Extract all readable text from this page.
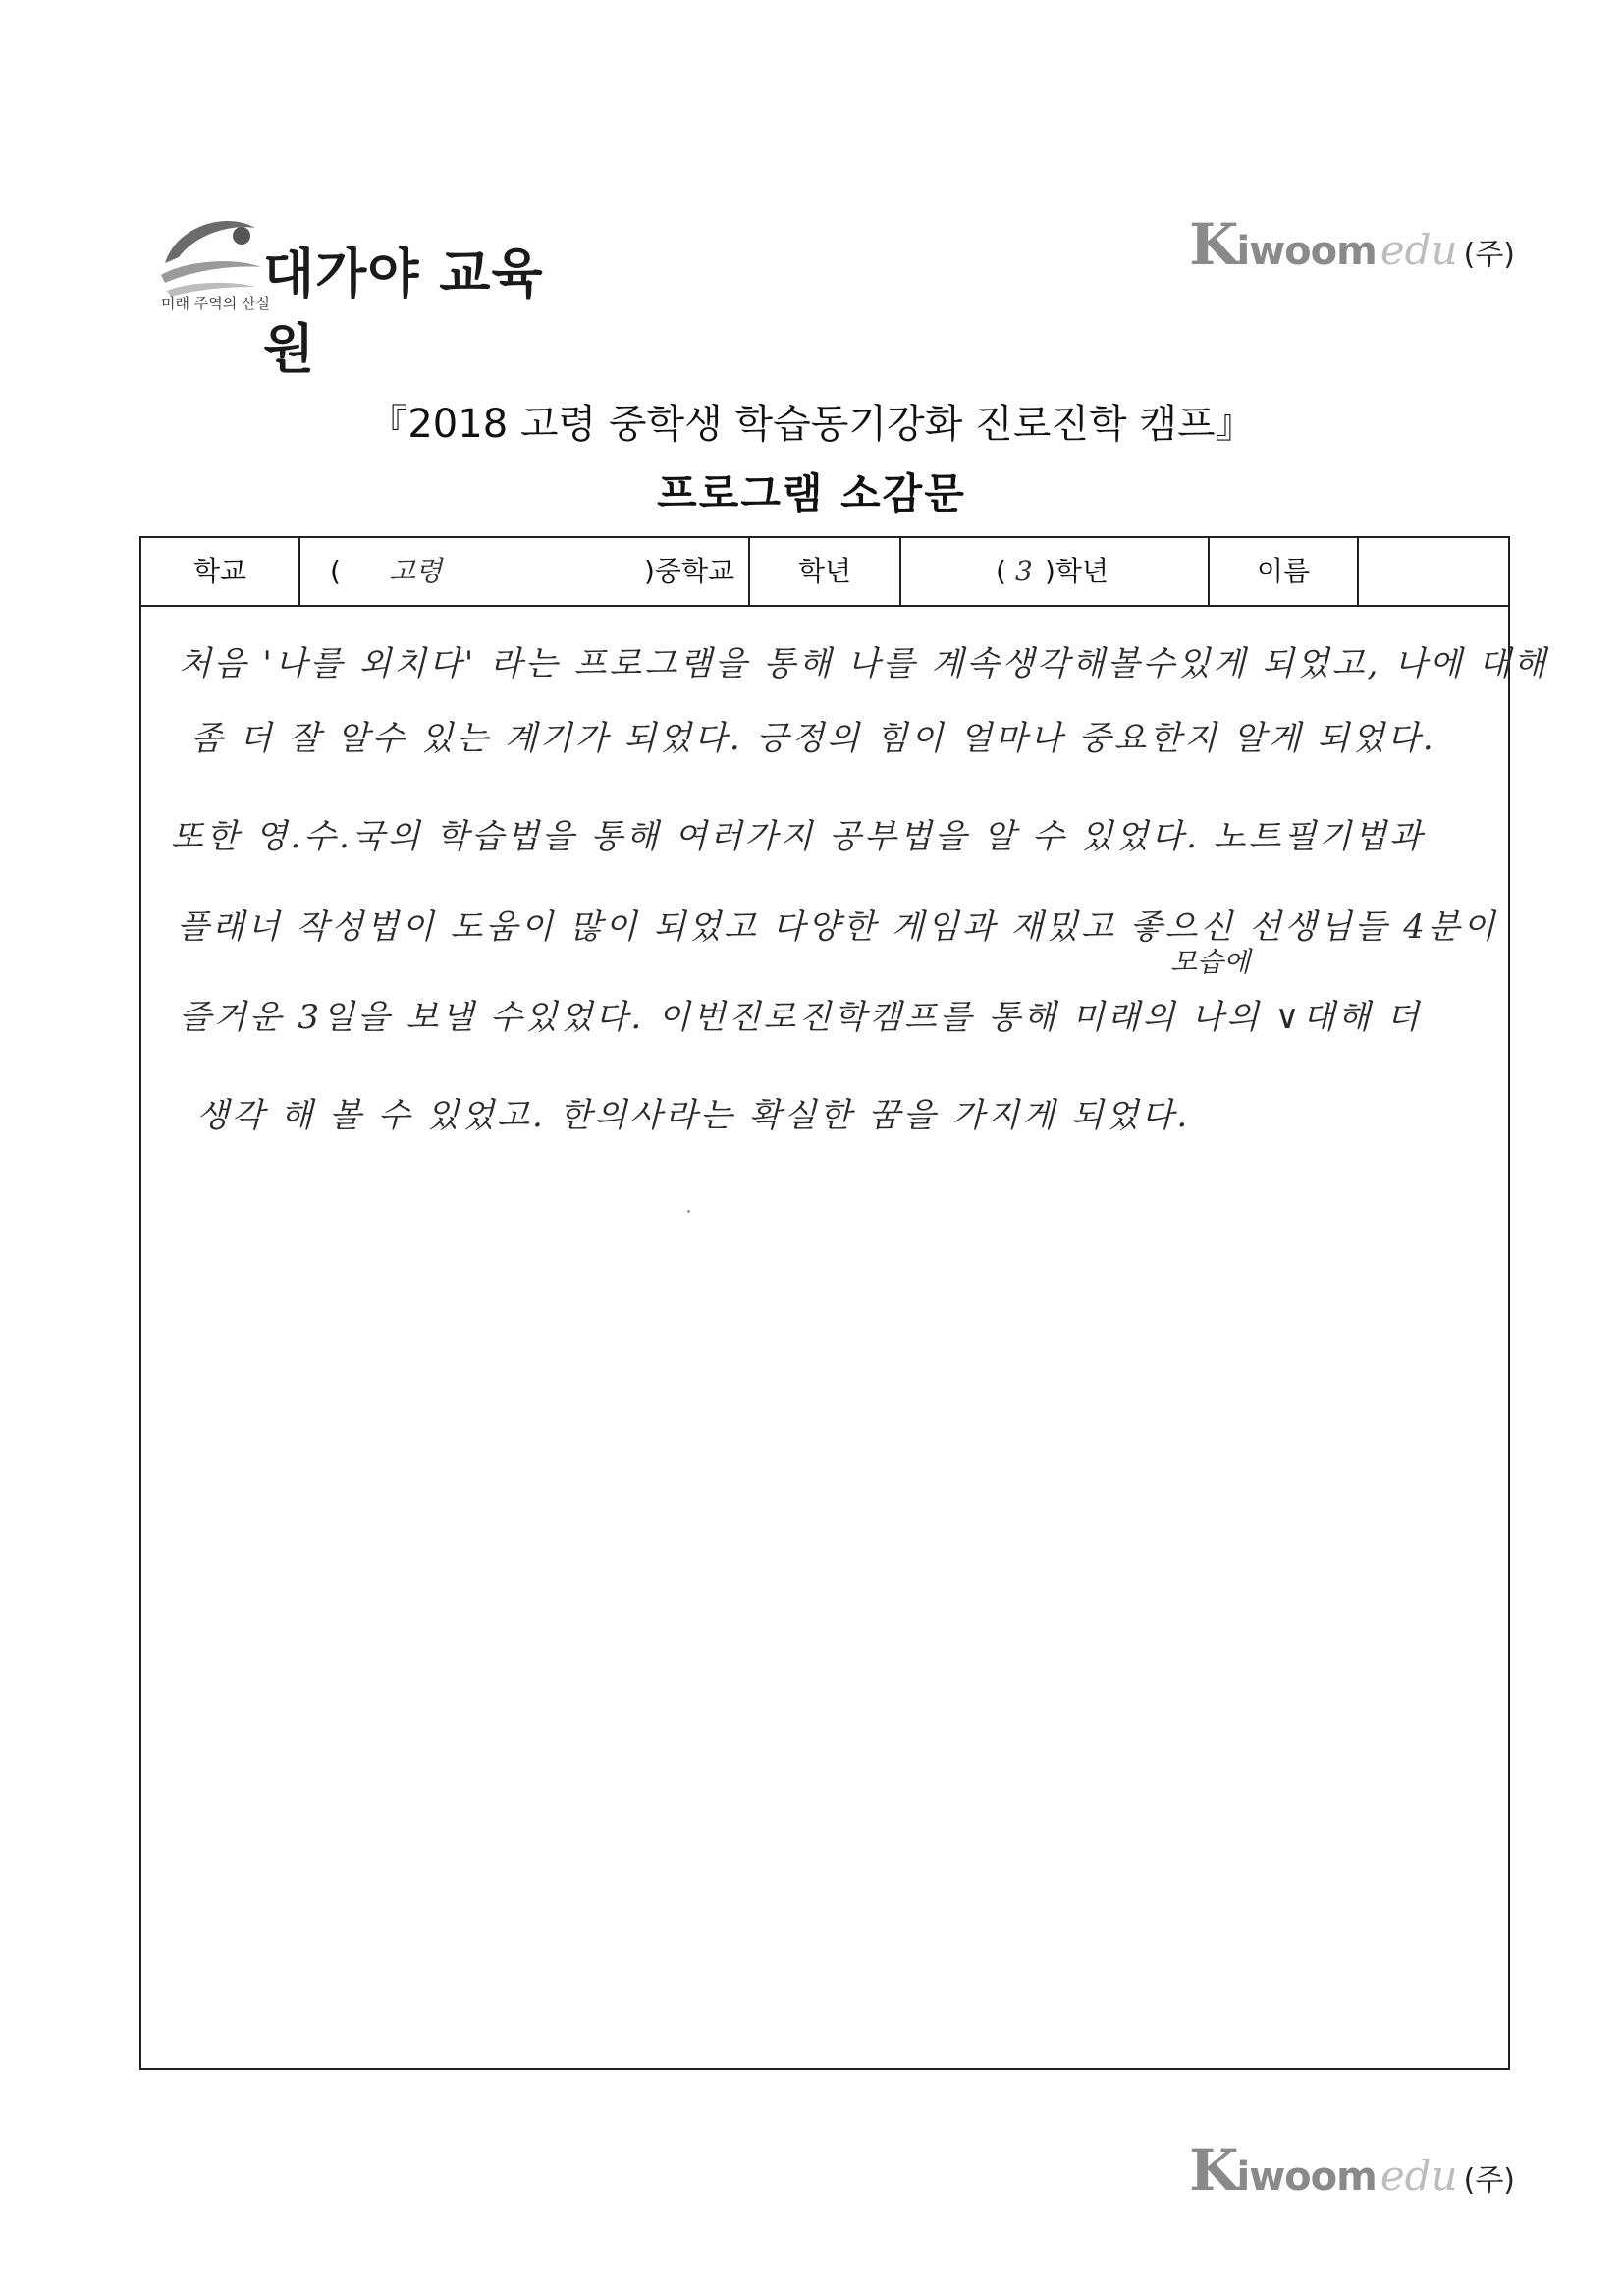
대가야 교육원
미래 주역의 산실
K iwoom edu (주)
『2018 고령 중학생 학습동기강화 진로진학 캠프』
프로그램 소감문
학교	( 고령	)중학교	학년	( 3 )학년	이름
처음 '나를 외치다' 라는 프로그램을 통해 나를 계속생각해볼수있게 되었고, 나에 대해
좀 더 잘 알수 있는 계기가 되었다. 긍정의 힘이 얼마나 중요한지 알게 되었다.
또한 영.수.국의 학습법을 통해 여러가지 공부법을 알 수 있었다. 노트필기법과
모습에
플래너 작성법이 도움이 많이 되었고 다양한 게임과 재밌고 좋으신 선생님들 4분이
즐거운 3일을 보낼 수있었다. 이번진로진학캠프를 통해 미래의 나의 ∨대해 더
생각 해 볼 수 있었고. 한의사라는 확실한 꿈을 가지게 되었다.
K iwoom edu (주)
